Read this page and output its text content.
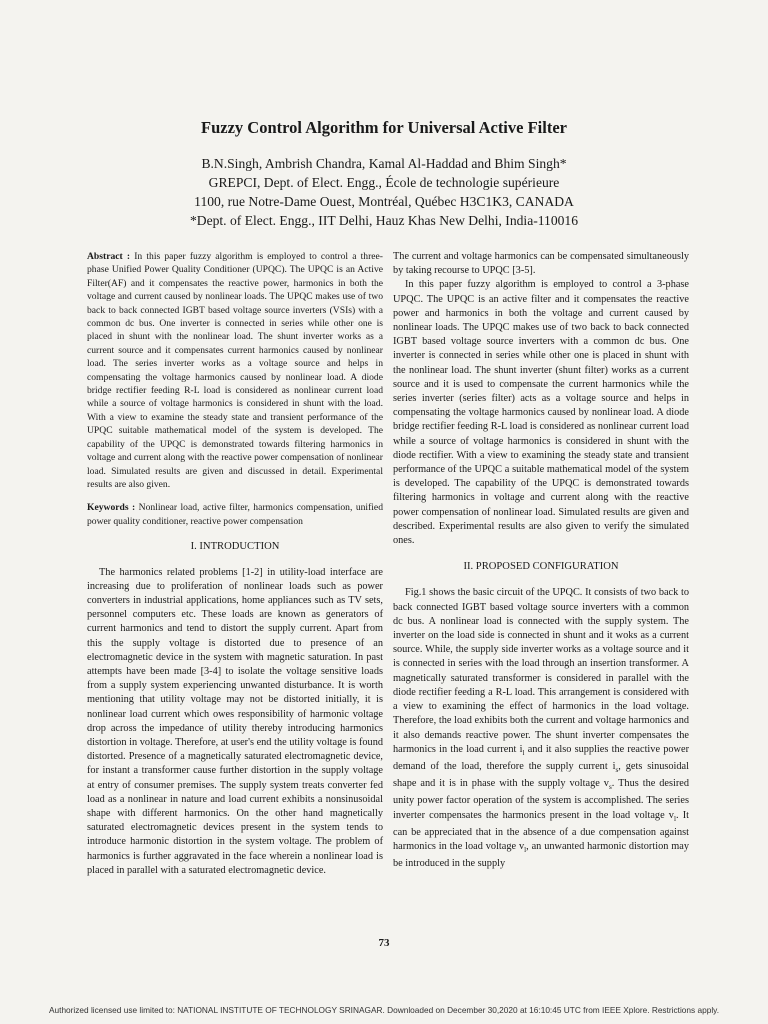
Fuzzy Control Algorithm for Universal Active Filter
B.N.Singh, Ambrish Chandra, Kamal Al-Haddad and Bhim Singh*
GREPCI, Dept. of Elect. Engg., École de technologie supérieure
1100, rue Notre-Dame Ouest, Montréal, Québec H3C1K3, CANADA
*Dept. of Elect. Engg., IIT Delhi, Hauz Khas New Delhi, India-110016

Abstract : In this paper fuzzy algorithm is employed to control a three-phase Unified Power Quality Conditioner (UPQC). The UPQC is an Active Filter(AF) and it compensates the reactive power, harmonics in both the voltage and current caused by nonlinear loads. The UPQC makes use of two back to back connected IGBT based voltage source inverters (VSIs) with a common dc bus. One inverter is connected in series while other one is placed in shunt with the nonlinear load. The shunt inverter works as a current source and it compensates current harmonics caused by nonlinear load. The series inverter works as a voltage source and helps in compensating the voltage harmonics caused by nonlinear load. A diode bridge rectifier feeding R-L load is considered as nonlinear current load while a source of voltage harmonics is considered in shunt with the load. With a view to examine the steady state and transient performance of the UPQC suitable mathematical model of the system is developed. The capability of the UPQC is demonstrated towards filtering harmonics in voltage and current along with the reactive power compensation of nonlinear load. Simulated results are given and discussed in detail. Experimental results are also given.

Keywords : Nonlinear load, active filter, harmonics compensation, unified power quality conditioner, reactive power compensation

I. INTRODUCTION

The harmonics related problems [1-2] in utility-load interface are increasing due to proliferation of nonlinear loads such as power converters in industrial applications, home appliances such as TV sets, personnel computers etc. These loads are known as generators of current harmonics and tend to distort the supply current. Apart from this the supply voltage is distorted due to presence of an electromagnetic device in the system with magnetic saturation. In past attempts have been made [3-4] to isolate the voltage sensitive loads from a supply system experiencing unwanted disturbance. It is worth mentioning that utility voltage may not be distorted initially, it is nonlinear load current which owes responsibility of harmonic voltage drop across the impedance of utility thereby introducing harmonics distortion in voltage. Therefore, at user's end the utility voltage is found distorted. Presence of a magnetically saturated electromagnetic device, for instant a transformer cause further distortion in the supply voltage at entry of consumer premises. The supply system treats converter fed load as a nonlinear in nature and load current exhibits a nonsinusoidal shape with different harmonics. On the other hand magnetically saturated electromagnetic devices present in the system tends to introduce harmonic distortion in the system voltage. The problem of harmonics is further aggravated in the face wherein a nonlinear load is placed in parallel with a saturated electromagnetic device.

The current and voltage harmonics can be compensated simultaneously by taking recourse to UPQC [3-5].

In this paper fuzzy algorithm is employed to control a 3-phase UPQC. The UPQC is an active filter and it compensates the reactive power and harmonics in both the voltage and current caused by nonlinear loads. The UPQC makes use of two back to back connected IGBT based voltage source inverters with a common dc bus. One inverter is connected in series while other one is placed in shunt with the nonlinear load. The shunt inverter (shunt filter) works as a current source and it is used to compensate the current harmonics while the series inverter (series filter) acts as a voltage source and helps in compensating the voltage harmonics caused by nonlinear load. A diode bridge rectifier feeding R-L load is considered as nonlinear current load while a source of voltage harmonics is considered in shunt with the diode rectifier. With a view to examining the steady state and transient performance of the UPQC a suitable mathematical model of the system is developed. The capability of the UPQC is demonstrated towards filtering harmonics in voltage and current along with the reactive power compensation of nonlinear load. Simulated results are given and described. Experimental results are also given to verify the simulated ones.

II. PROPOSED CONFIGURATION

Fig.1 shows the basic circuit of the UPQC. It consists of two back to back connected IGBT based voltage source inverters with a common dc bus. A nonlinear load is connected with the supply system. The inverter on the load side is connected in shunt and it woks as a current source. While, the supply side inverter works as a voltage source and it is connected in series with the load through an insertion transformer. A magnetically saturated transformer is considered in parallel with the diode rectifier feeding a R-L load. This arrangement is considered with a view to examining the effect of harmonics in the load voltage. Therefore, the load exhibits both the current and voltage harmonics and it also demands reactive power. The shunt inverter compensates the harmonics in the load current $i_l$ and it also supplies the reactive power demand of the load, therefore the supply current $i_s$, gets sinusoidal shape and it is in phase with the supply voltage $v_s$. Thus the desired unity power factor operation of the system is accomplished. The series inverter compensates the harmonics present in the load voltage $v_l$. It can be appreciated that in the absence of a due compensation against harmonics in the load voltage $v_l$, an unwanted harmonic distortion may be introduced in the supply

73
Authorized licensed use limited to: NATIONAL INSTITUTE OF TECHNOLOGY SRINAGAR. Downloaded on December 30,2020 at 16:10:45 UTC from IEEE Xplore. Restrictions apply.
